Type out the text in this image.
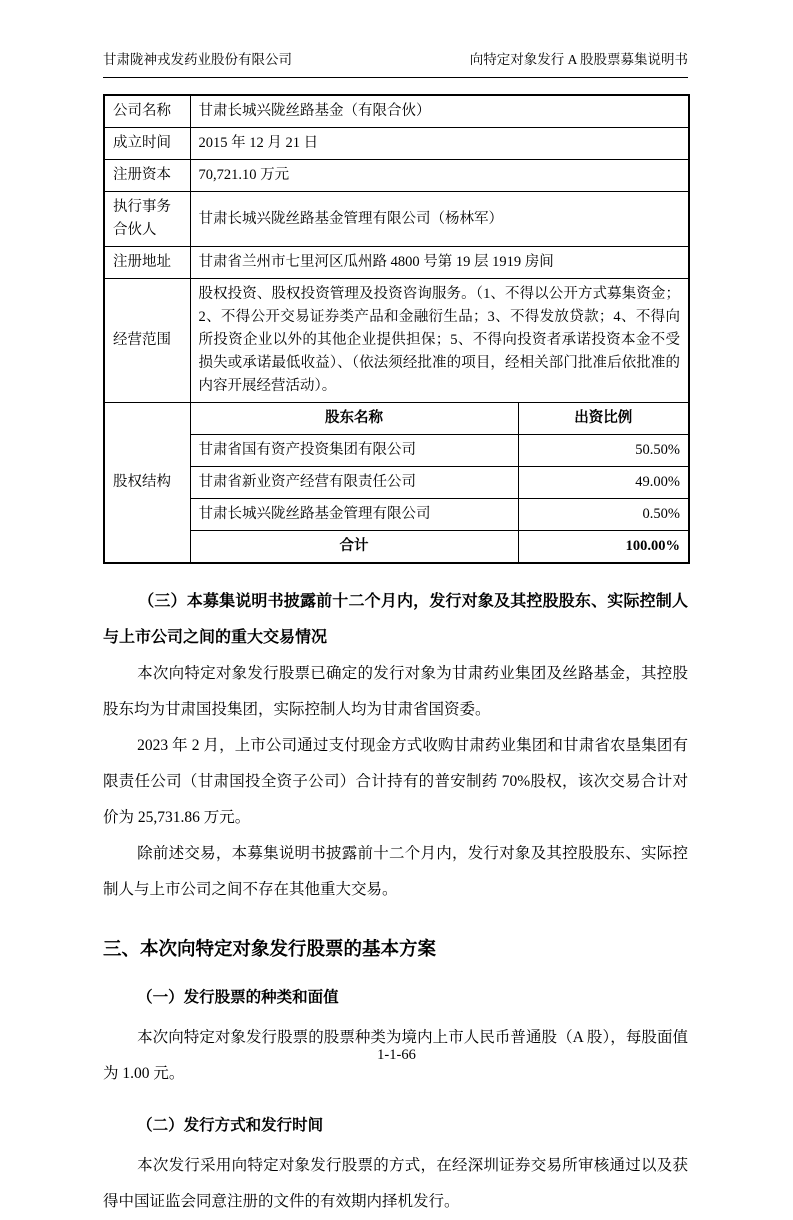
甘肃陇神戎发药业股份有限公司	向特定对象发行 A 股股票募集说明书
公司名称	甘肃长城兴陇丝路基金（有限合伙）	
成立时间	2015 年 12 月 21 日	
注册资本	70,721.10 万元	
执行事务合伙人	甘肃长城兴陇丝路基金管理有限公司（杨林军）	
注册地址	甘肃省兰州市七里河区瓜州路 4800 号第 19 层 1919 房间	
经营范围	股权投资、股权投资管理及投资咨询服务。（1、不得以公开方式募集资金；2、不得公开交易证券类产品和金融衍生品；3、不得发放贷款；4、不得向所投资企业以外的其他企业提供担保；5、不得向投资者承诺投资本金不受损失或承诺最低收益）、（依法须经批准的项目，经相关部门批准后依批准的内容开展经营活动）。	
股权结构	股东名称	出资比例
	甘肃省国有资产投资集团有限公司	50.50%
	甘肃省新业资产经营有限责任公司	49.00%
	甘肃长城兴陇丝路基金管理有限公司	0.50%
	合计	100.00%
（三）本募集说明书披露前十二个月内，发行对象及其控股股东、实际控制人与上市公司之间的重大交易情况

本次向特定对象发行股票已确定的发行对象为甘肃药业集团及丝路基金，其控股股东均为甘肃国投集团，实际控制人均为甘肃省国资委。

2023 年 2 月，上市公司通过支付现金方式收购甘肃药业集团和甘肃省农垦集团有限责任公司（甘肃国投全资子公司）合计持有的普安制药 70%股权，该次交易合计对价为 25,731.86 万元。

除前述交易，本募集说明书披露前十二个月内，发行对象及其控股股东、实际控制人与上市公司之间不存在其他重大交易。

三、本次向特定对象发行股票的基本方案
（一）发行股票的种类和面值

本次向特定对象发行股票的股票种类为境内上市人民币普通股（A 股），每股面值为 1.00 元。

（二）发行方式和发行时间

本次发行采用向特定对象发行股票的方式，在经深圳证券交易所审核通过以及获得中国证监会同意注册的文件的有效期内择机发行。

1-1-66
